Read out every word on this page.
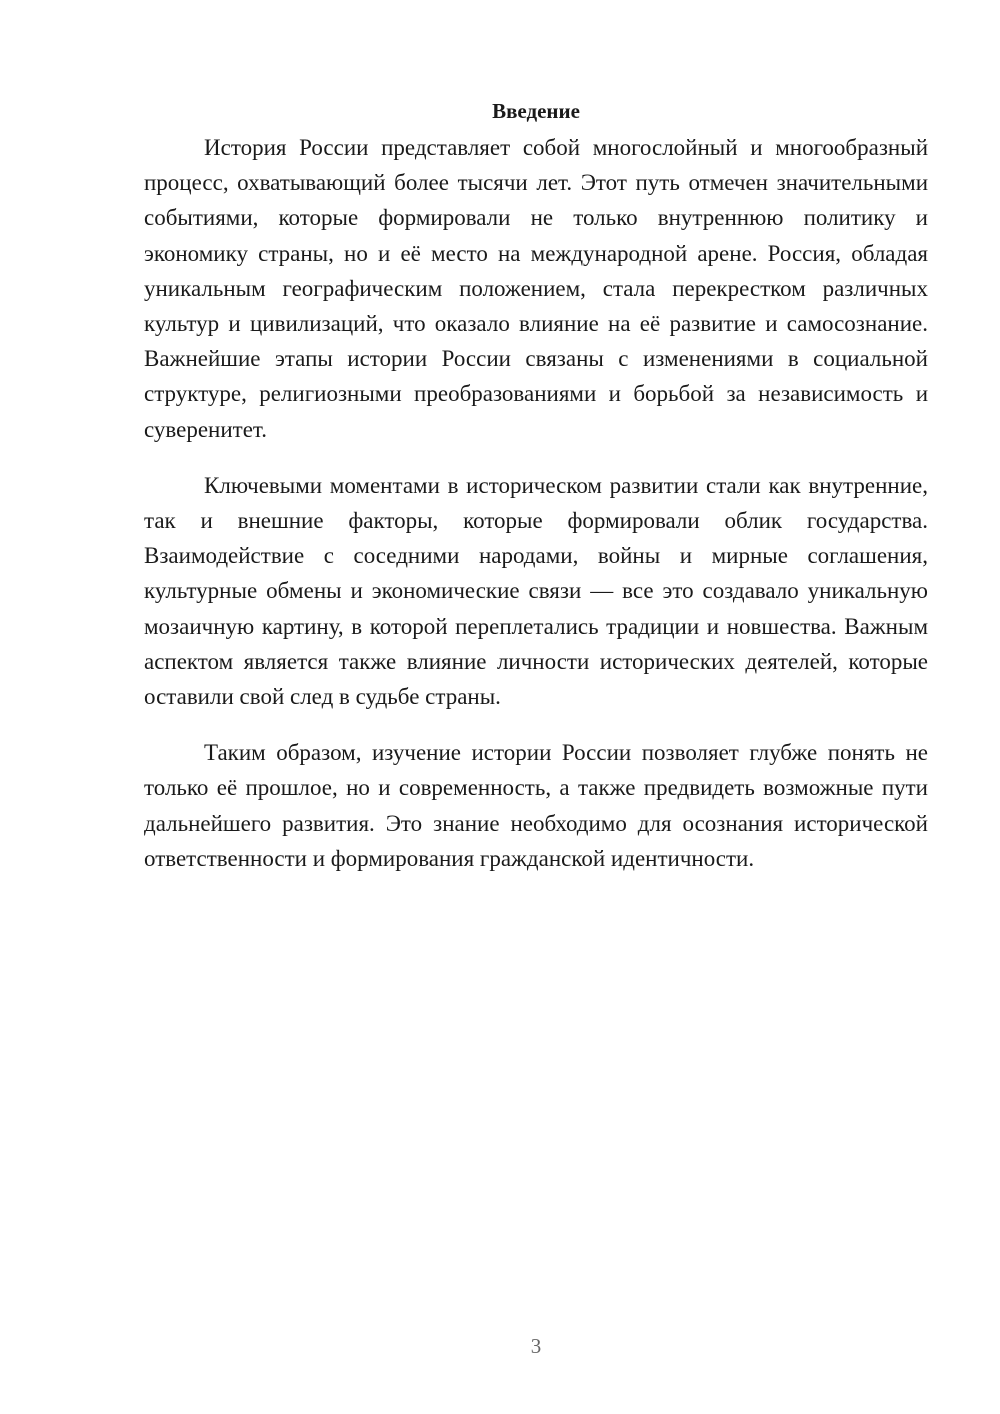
Введение

История России представляет собой многослойный и многообразный процесс, охватывающий более тысячи лет. Этот путь отмечен значительными событиями, которые формировали не только внутреннюю политику и экономику страны, но и её место на международной арене. Россия, обладая уникальным географическим положением, стала перекрестком различных культур и цивилизаций, что оказало влияние на её развитие и самосознание. Важнейшие этапы истории России связаны с изменениями в социальной структуре, религиозными преобразованиями и борьбой за независимость и суверенитет.

Ключевыми моментами в историческом развитии стали как внутренние, так и внешние факторы, которые формировали облик государства. Взаимодействие с соседними народами, войны и мирные соглашения, культурные обмены и экономические связи — все это создавало уникальную мозаичную картину, в которой переплетались традиции и новшества. Важным аспектом является также влияние личности исторических деятелей, которые оставили свой след в судьбе страны.

Таким образом, изучение истории России позволяет глубже понять не только её прошлое, но и современность, а также предвидеть возможные пути дальнейшего развития. Это знание необходимо для осознания исторической ответственности и формирования гражданской идентичности.

3
